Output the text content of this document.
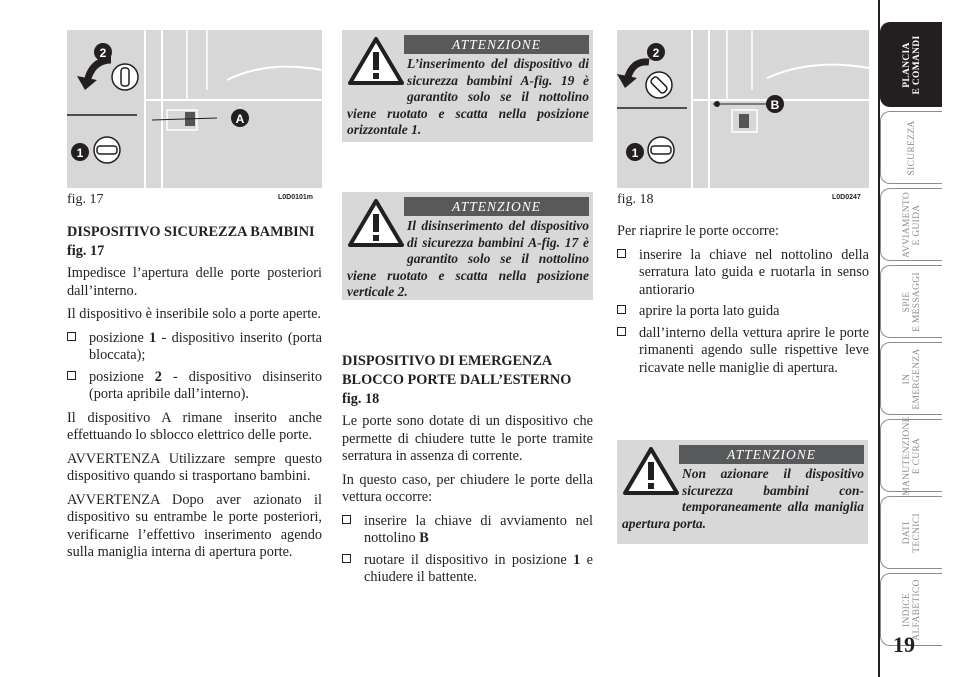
2
1
A
fig. 17	L0D0101m
DISPOSITIVO SICUREZZA BAMBINI fig. 17

Impedisce l’apertura delle porte posteriori dall’interno.

Il dispositivo è inseribile solo a porte aperte.

posizione 1 - dispositivo inserito (porta bloccata);
posizione 2 - dispositivo disinserito (porta apribile dall’interno).

Il dispositivo A rimane inserito anche effettuando lo sblocco elettrico delle porte.

AVVERTENZA Utilizzare sempre questo dispositivo quando si trasportano bambini.

AVVERTENZA Dopo aver azionato il dispositivo su entrambe le porte posteriori, verificarne l’effettivo inserimento agendo sulla maniglia interna di apertura porte.

ATTENZIONE
L’inserimento del dispositivo di sicurezza bambini A-fig. 19 è garantito solo se il nottolino viene ruotato e scatta nella posizione orizzontale 1.
ATTENZIONE
Il disinserimento del dispositivo di sicurezza bambini A-fig. 17 è garantito solo se il nottolino viene ruotato e scatta nella posizione verticale 2.
DISPOSITIVO DI EMERGENZA BLOCCO PORTE DALL’ESTERNO fig. 18

Le porte sono dotate di un dispositivo che permette di chiudere tutte le porte tramite serratura in assenza di corrente.

In questo caso, per chiudere le porte della vettura occorre:

inserire la chiave di avviamento nel nottolino B
ruotare il dispositivo in posizione 1 e chiudere il battente.
2
1
B
fig. 18	L0D0247

Per riaprire le porte occorre:

inserire la chiave nel nottolino della serratura lato guida e ruotarla in senso antiorario
aprire la porta lato guida
dall’interno della vettura aprire le porte rimanenti agendo sulle rispettive leve ricavate nelle maniglie di apertura.
ATTENZIONE
Non azionare il dispositivo sicurezza bambini contemporaneamente alla maniglia apertura porta.
PLANCIA
E COMANDI
SICUREZZA
AVVIAMENTO
E GUIDA
SPIE
E MESSAGGI
IN
EMERGENZA
MANUTENZIONE
E CURA
DATI
TECNICI
INDICE
ALFABETICO
19
